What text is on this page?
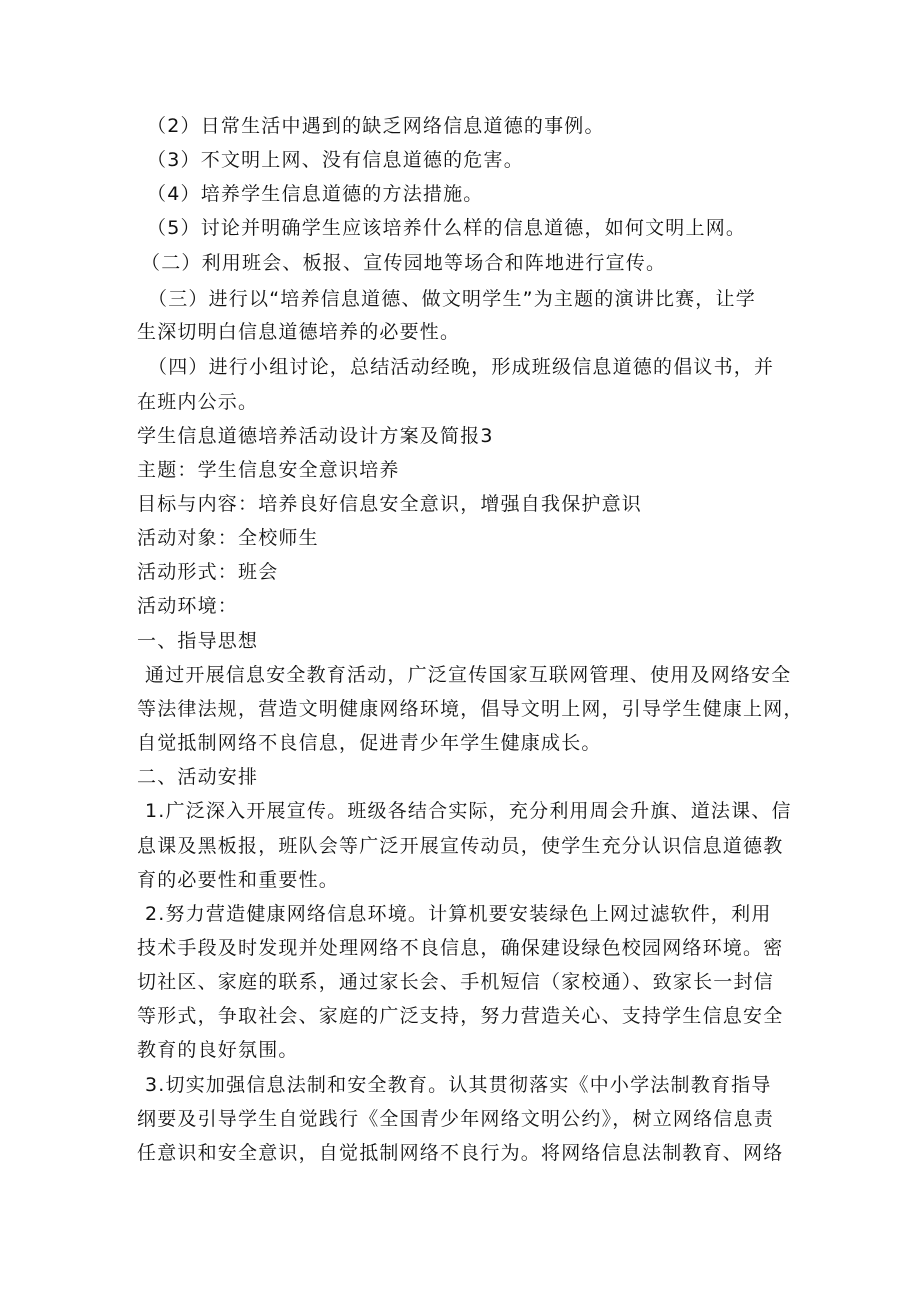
（2）日常生活中遇到的缺乏网络信息道德的事例。
（3）不文明上网、没有信息道德的危害。
（4）培养学生信息道德的方法措施。
（5）讨论并明确学生应该培养什么样的信息道德，如何文明上网。
（二）利用班会、板报、宣传园地等场合和阵地进行宣传。
（三）进行以“培养信息道德、做文明学生”为主题的演讲比赛，让学
生深切明白信息道德培养的必要性。
（四）进行小组讨论，总结活动经晚，形成班级信息道德的倡议书，并
在班内公示。
学生信息道德培养活动设计方案及简报3
主题：学生信息安全意识培养
目标与内容：培养良好信息安全意识，增强自我保护意识
活动对象：全校师生
活动形式：班会
活动环境：
一、指导思想
通过开展信息安全教育活动，广泛宣传国家互联网管理、使用及网络安全
等法律法规，营造文明健康网络环境，倡导文明上网，引导学生健康上网，
自觉抵制网络不良信息，促进青少年学生健康成长。
二、活动安排
1.广泛深入开展宣传。班级各结合实际，充分利用周会升旗、道法课、信
息课及黑板报，班队会等广泛开展宣传动员，使学生充分认识信息道德教
育的必要性和重要性。
2.努力营造健康网络信息环境。计算机要安装绿色上网过滤软件，利用
技术手段及时发现并处理网络不良信息，确保建设绿色校园网络环境。密
切社区、家庭的联系，通过家长会、手机短信（家校通）、致家长一封信
等形式，争取社会、家庭的广泛支持，努力营造关心、支持学生信息安全
教育的良好氛围。
3.切实加强信息法制和安全教育。认其贯彻落实《中小学法制教育指导
纲要及引导学生自觉践行《全国青少年网络文明公约》，树立网络信息责
任意识和安全意识，自觉抵制网络不良行为。将网络信息法制教育、网络
